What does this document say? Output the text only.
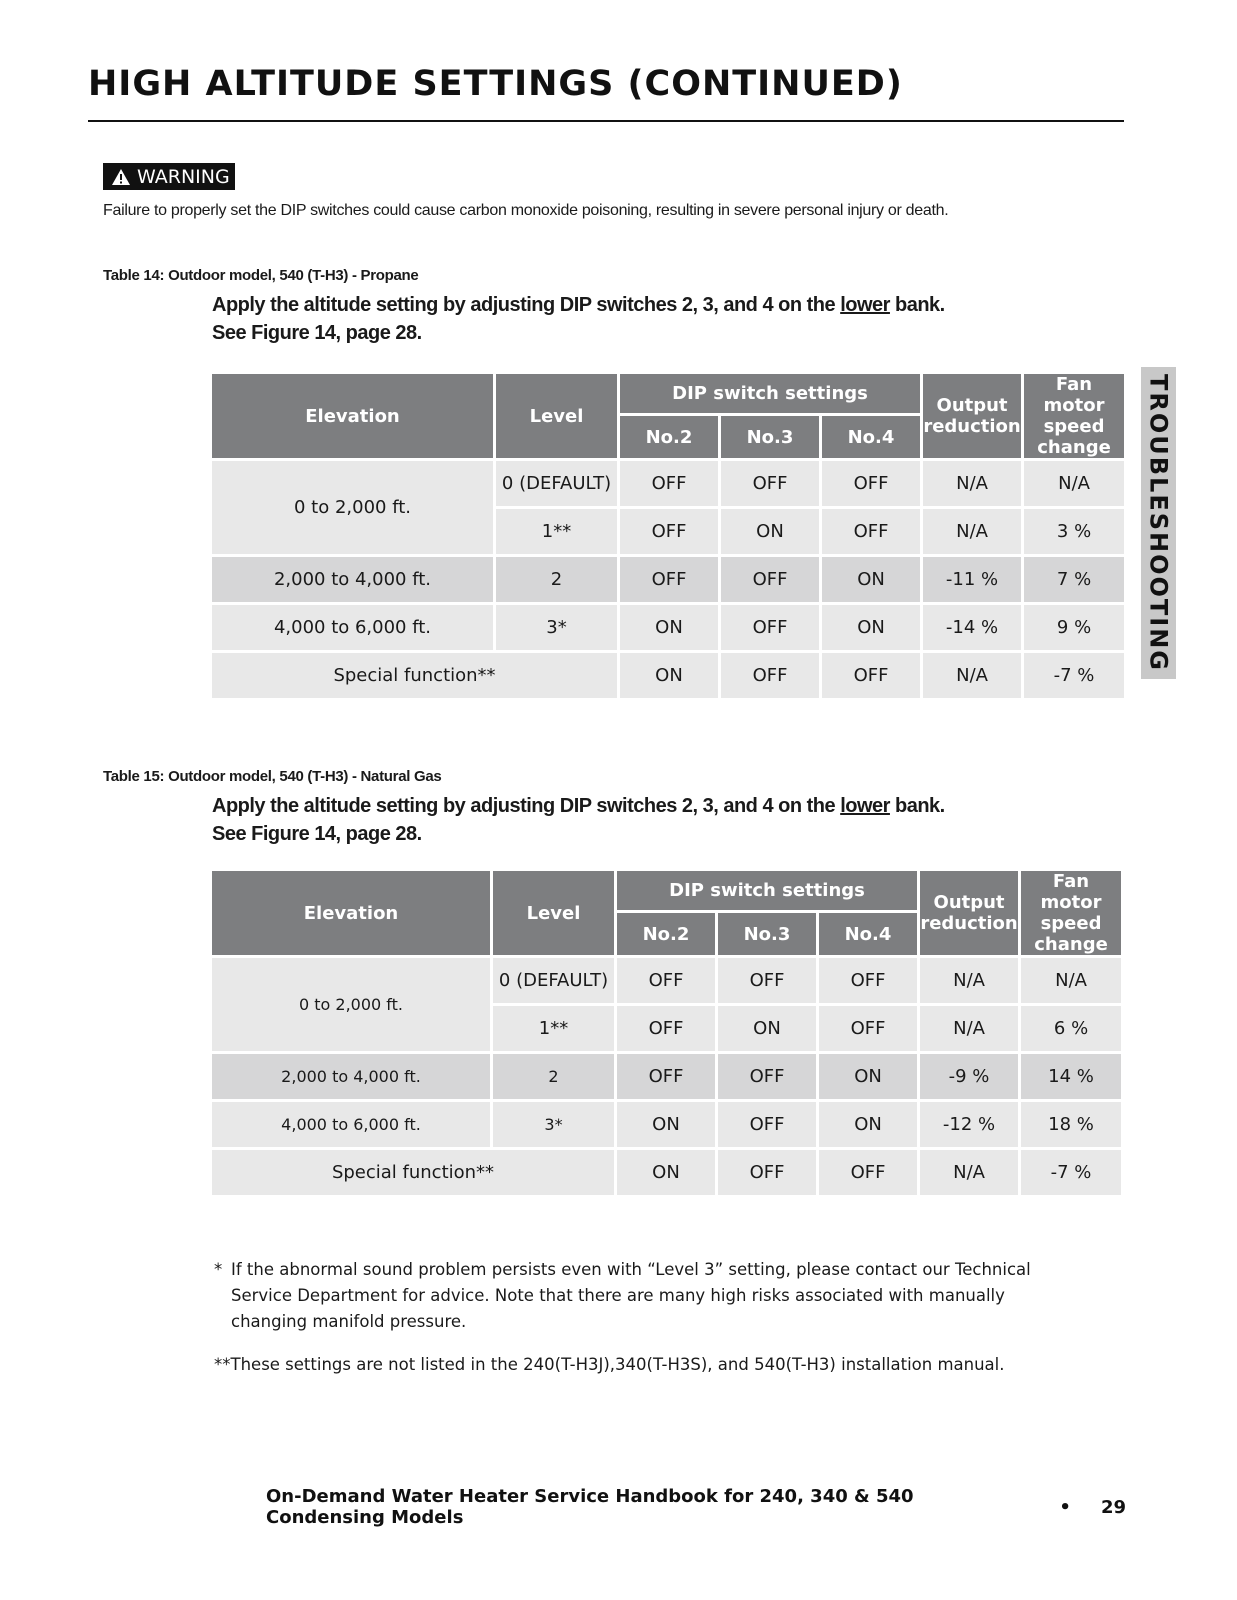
HIGH ALTITUDE SETTINGS (CONTINUED)
WARNING
Failure to properly set the DIP switches could cause carbon monoxide poisoning, resulting in severe personal injury or death.
TROUBLESHOOTING
Table 14: Outdoor model, 540 (T-H3) - Propane
Apply the altitude setting by adjusting DIP switches 2, 3, and 4 on the lower bank.
See Figure 14, page 28.
Elevation	Level	DIP switch settings			Output reduction	Fan motor speed change
		No.2	No.3	No.4		
0 to 2,000 ft.	0 (DEFAULT)	OFF	OFF	OFF	N/A	N/A
	1**	OFF	ON	OFF	N/A	3 %
2,000 to 4,000 ft.	2	OFF	OFF	ON	-11 %	7 %
4,000 to 6,000 ft.	3*	ON	OFF	ON	-14 %	9 %
Special function**		ON	OFF	OFF	N/A	-7 %
Table 15: Outdoor model, 540 (T-H3) - Natural Gas
Apply the altitude setting by adjusting DIP switches 2, 3, and 4 on the lower bank.
See Figure 14, page 28.
Elevation	Level	DIP switch settings			Output reduction	Fan motor speed change
		No.2	No.3	No.4		
0 to 2,000 ft.	0 (DEFAULT)	OFF	OFF	OFF	N/A	N/A
	1**	OFF	ON	OFF	N/A	6 %
2,000 to 4,000 ft.	2	OFF	OFF	ON	-9 %	14 %
4,000 to 6,000 ft.	3*	ON	OFF	ON	-12 %	18 %
Special function**		ON	OFF	OFF	N/A	-7 %
* If the abnormal sound problem persists even with “Level 3” setting, please contact our Technical Service Department for advice. Note that there are many high risks associated with manually changing manifold pressure.
**These settings are not listed in the 240(T-H3J),340(T-H3S), and 540(T-H3) installation manual.
On-Demand Water Heater Service Handbook for 240, 340 & 540 Condensing Models	• 29
